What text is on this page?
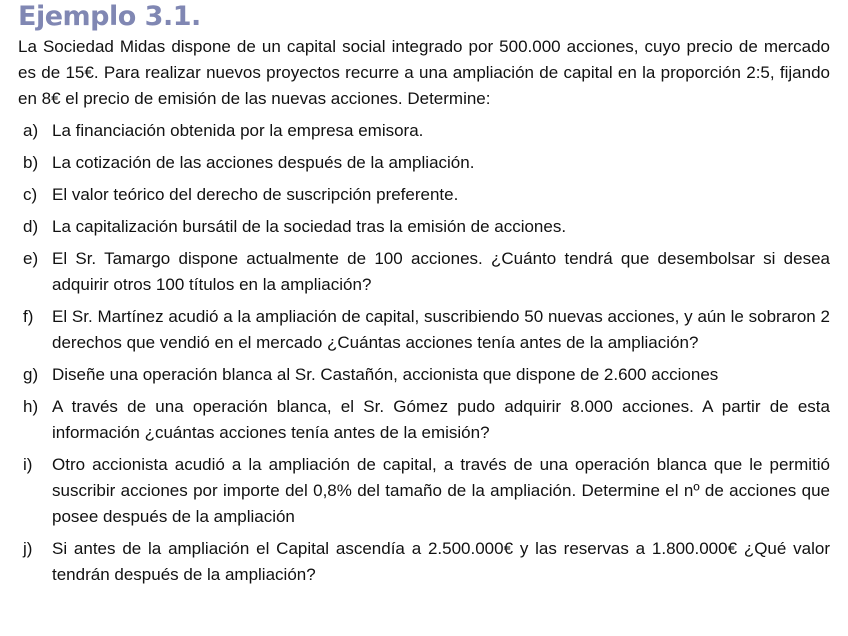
Ejemplo 3.1.

La Sociedad Midas dispone de un capital social integrado por 500.000 acciones, cuyo precio de mercado es de 15€. Para realizar nuevos proyectos recurre a una ampliación de capital en la proporción 2:5, fijando en 8€ el precio de emisión de las nuevas acciones. Determine:

a) La financiación obtenida por la empresa emisora.
b) La cotización de las acciones después de la ampliación.
c) El valor teórico del derecho de suscripción preferente.
d) La capitalización bursátil de la sociedad tras la emisión de acciones.
e) El Sr. Tamargo dispone actualmente de 100 acciones. ¿Cuánto tendrá que desembolsar si desea adquirir otros 100 títulos en la ampliación?
f)	El Sr. Martínez acudió a la ampliación de capital, suscribiendo 50 nuevas acciones, y aún le sobraron 2 derechos que vendió en el mercado ¿Cuántas acciones tenía antes de la ampliación?
g) Diseñe una operación blanca al Sr. Castañón, accionista que dispone de 2.600 acciones
h) A través de una operación blanca, el Sr. Gómez pudo adquirir 8.000 acciones. A partir de esta información ¿cuántas acciones tenía antes de la emisión?
i)	Otro accionista acudió a la ampliación de capital, a través de una operación blanca que le permitió suscribir acciones por importe del 0,8% del tamaño de la ampliación. Determine el nº de acciones que posee después de la ampliación
j)	Si antes de la ampliación el Capital ascendía a 2.500.000€ y las reservas a 1.800.000€ ¿Qué valor tendrán después de la ampliación?
